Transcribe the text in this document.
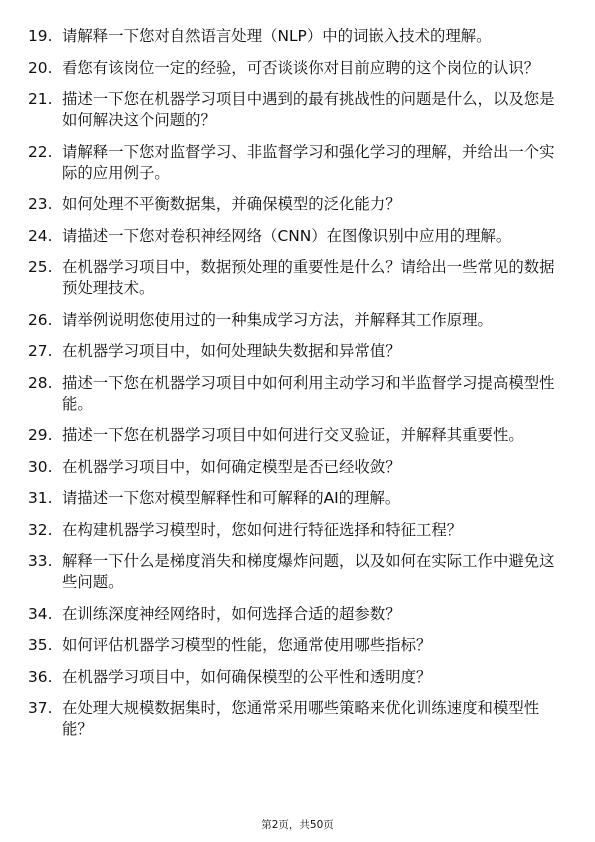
19. 请解释一下您对自然语言处理（NLP）中的词嵌入技术的理解。
20. 看您有该岗位一定的经验，可否谈谈你对目前应聘的这个岗位的认识？
21. 描述一下您在机器学习项目中遇到的最有挑战性的问题是什么，以及您是如何解决这个问题的？
22. 请解释一下您对监督学习、非监督学习和强化学习的理解，并给出一个实际的应用例子。
23. 如何处理不平衡数据集，并确保模型的泛化能力？
24. 请描述一下您对卷积神经网络（CNN）在图像识别中应用的理解。
25. 在机器学习项目中，数据预处理的重要性是什么？请给出一些常见的数据预处理技术。
26. 请举例说明您使用过的一种集成学习方法，并解释其工作原理。
27. 在机器学习项目中，如何处理缺失数据和异常值？
28. 描述一下您在机器学习项目中如何利用主动学习和半监督学习提高模型性能。
29. 描述一下您在机器学习项目中如何进行交叉验证，并解释其重要性。
30. 在机器学习项目中，如何确定模型是否已经收敛？
31. 请描述一下您对模型解释性和可解释的AI的理解。
32. 在构建机器学习模型时，您如何进行特征选择和特征工程？
33. 解释一下什么是梯度消失和梯度爆炸问题，以及如何在实际工作中避免这些问题。
34. 在训练深度神经网络时，如何选择合适的超参数？
35. 如何评估机器学习模型的性能，您通常使用哪些指标？
36. 在机器学习项目中，如何确保模型的公平性和透明度？
37. 在处理大规模数据集时，您通常采用哪些策略来优化训练速度和模型性能？
第2页，共50页
